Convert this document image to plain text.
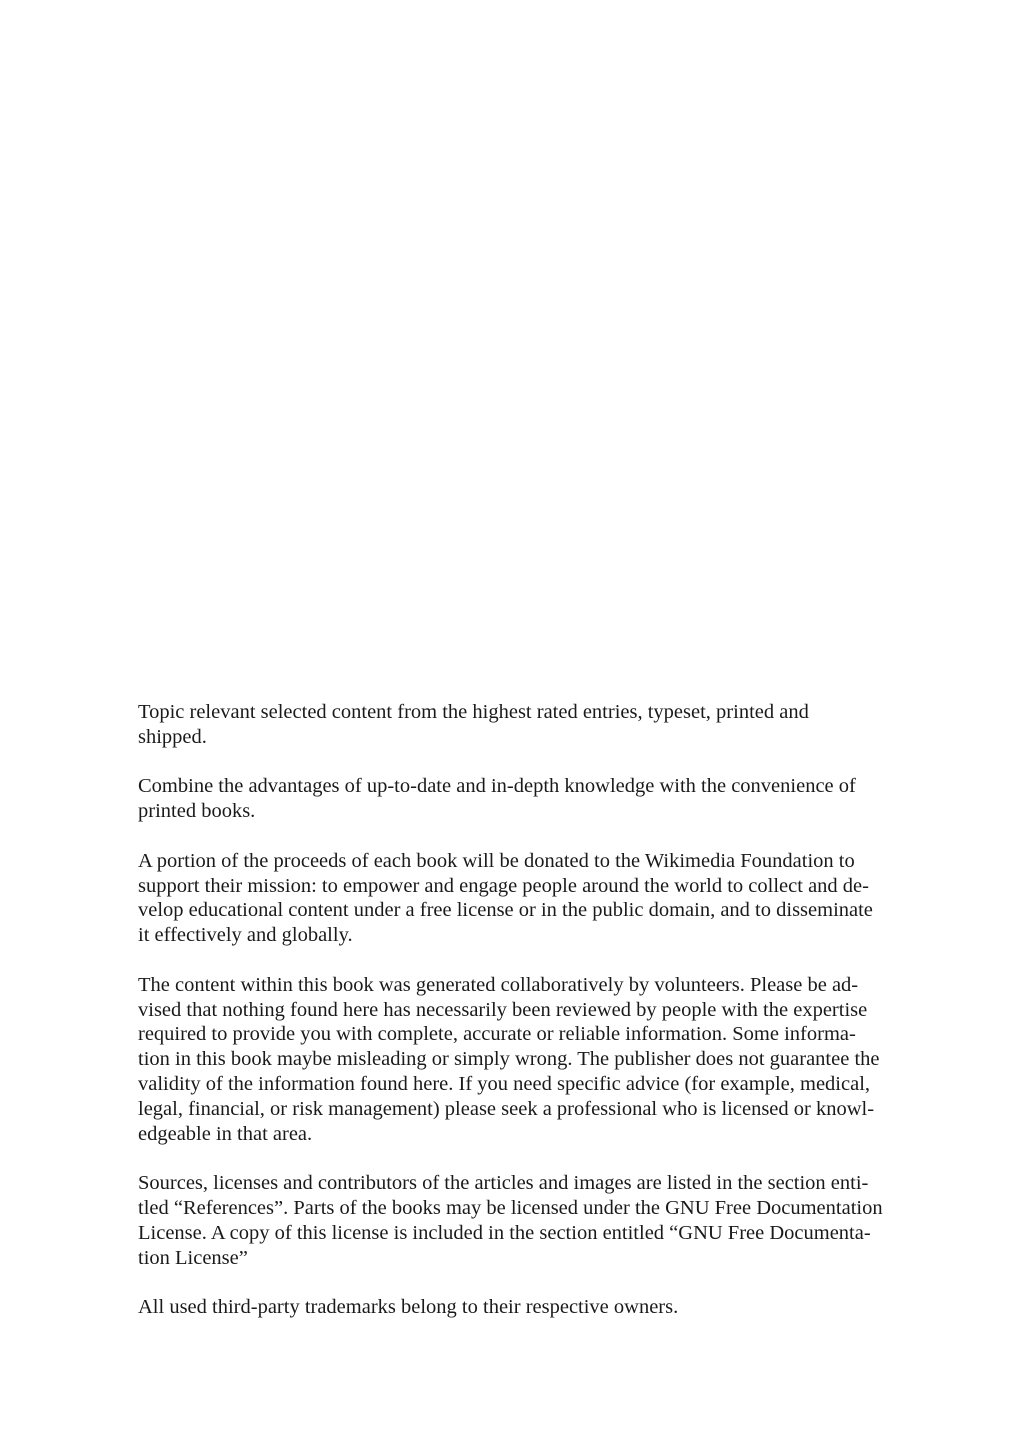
Topic relevant selected content from the highest rated entries, typeset, printed and
shipped.

Combine the advantages of up-to-date and in-depth knowledge with the convenience of
printed books.

A portion of the proceeds of each book will be donated to the Wikimedia Foundation to
support their mission: to empower and engage people around the world to collect and de-
velop educational content under a free license or in the public domain, and to disseminate
it effectively and globally.

The content within this book was generated collaboratively by volunteers. Please be ad-
vised that nothing found here has necessarily been reviewed by people with the expertise
required to provide you with complete, accurate or reliable information. Some informa-
tion in this book maybe misleading or simply wrong. The publisher does not guarantee the
validity of the information found here. If you need specific advice (for example, medical,
legal, financial, or risk management) please seek a professional who is licensed or knowl-
edgeable in that area.

Sources, licenses and contributors of the articles and images are listed in the section enti-
tled “References”. Parts of the books may be licensed under the GNU Free Documentation
License. A copy of this license is included in the section entitled “GNU Free Documenta-
tion License”

All used third-party trademarks belong to their respective owners.
